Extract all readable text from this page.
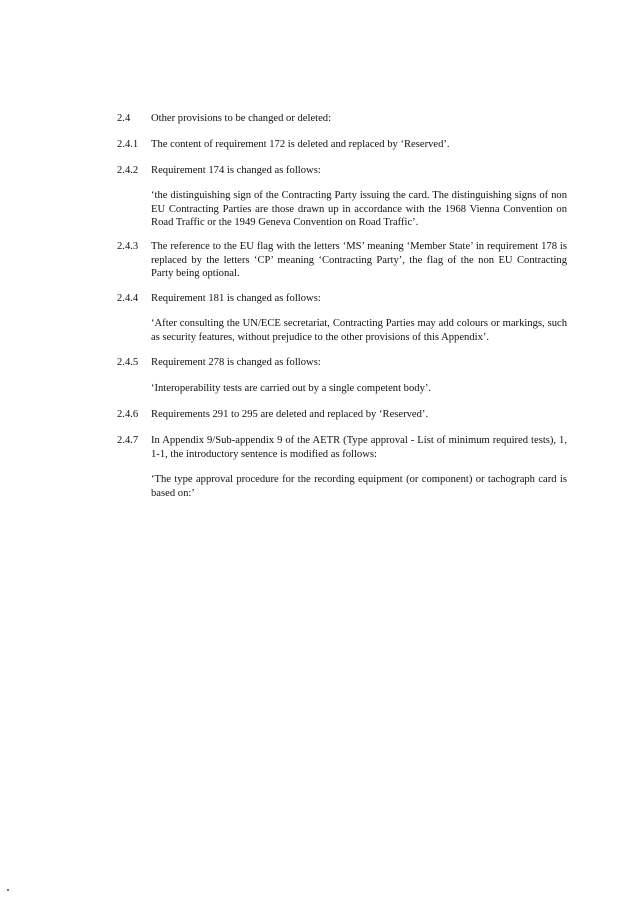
2.4	Other provisions to be changed or deleted:
2.4.1	The content of requirement 172 is deleted and replaced by ‘Reserved’.
2.4.2	Requirement 174 is changed as follows:
‘the distinguishing sign of the Contracting Party issuing the card. The distinguishing signs of non EU Contracting Parties are those drawn up in accordance with the 1968 Vienna Convention on Road Traffic or the 1949 Geneva Convention on Road Traffic’.
2.4.3	The reference to the EU flag with the letters ‘MS’ meaning ‘Member State’ in requirement 178 is replaced by the letters ‘CP’ meaning ‘Contracting Party’, the flag of the non EU Contracting Party being optional.
2.4.4	Requirement 181 is changed as follows:
‘After consulting the UN/ECE secretariat, Contracting Parties may add colours or markings, such as security features, without prejudice to the other provisions of this Appendix’.
2.4.5	Requirement 278 is changed as follows:
‘Interoperability tests are carried out by a single competent body’.
2.4.6	Requirements 291 to 295 are deleted and replaced by ‘Reserved’.
2.4.7	In Appendix 9/Sub-appendix 9 of the AETR (Type approval - List of minimum required tests), 1, 1-1, the introductory sentence is modified as follows:
‘The type approval procedure for the recording equipment (or component) or tachograph card is based on:’
